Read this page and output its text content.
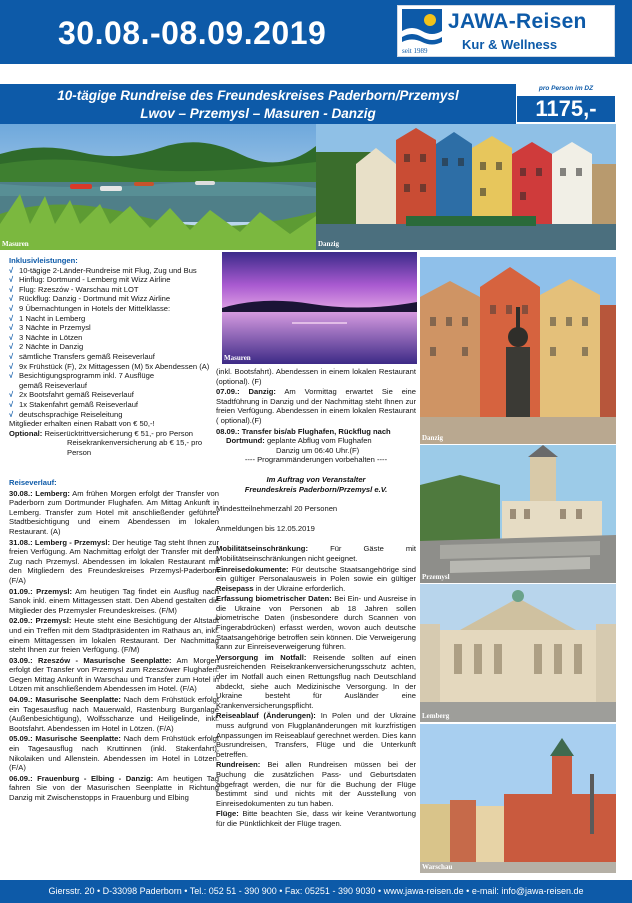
30.08.-08.09.2019	seit 1989
JAWA-Reisen
Kur & Wellness
10-tägige Rundreise des Freundeskreises Paderborn/Przemysl
Lwov – Przemysl – Masuren - Danzig
pro Person im DZ
1175,-
Masuren	Danzig
Masuren
Danzig
Przemysl
Lemberg
Warschau
Inklusivleistungen:
√ 10-tägige 2-Länder-Rundreise mit Flug, Zug und Bus
√ Hinflug: Dortmund - Lemberg mit Wizz Airline
√ Flug: Rzeszów - Warschau mit LOT
√ Rückflug: Danzig - Dortmund mit Wizz Airline
√ 9 Übernachtungen in Hotels der Mittelklasse:
√ 1 Nacht in Lemberg
√ 3 Nächte in Przemysl
√ 3 Nächte in Lötzen
√ 2 Nächte in Danzig
√ sämtliche Transfers gemäß Reiseverlauf
√ 9x Frühstück (F), 2x Mittagessen (M) 5x Abendessen (A)
√ Besichtigungsprogramm inkl. 7 Ausflüge
gemäß Reiseverlauf
√ 2x Bootsfahrt gemäß Reiseverlauf
√ 1x Stakenfahrt gemäß Reiseverlauf
√ deutschsprachige Reiseleitung
Mitglieder erhalten einen Rabatt von € 50,-!
Optional: Reiserücktrittversicherung € 51,- pro Person
Reisekrankenversicherung ab € 15,- pro Person
Reiseverlauf:
30.08.: Lemberg: Am frühen Morgen erfolgt der Transfer von Paderborn zum Dortmunder Flughafen. Am Mittag Ankunft in Lemberg. Transfer zum Hotel mit anschließender geführter Stadtbesichtigung und einem Abendessen im lokalen Restaurant. (A)
31.08.: Lemberg - Przemysl: Der heutige Tag steht Ihnen zur freien Verfügung. Am Nachmittag erfolgt der Transfer mit dem Zug nach Przemysl. Abendessen im lokalen Restaurant mit den Mitgliedern des Freundeskreises Przemysl-Paderborn (F/A)
01.09.: Przemysl: Am heutigen Tag findet ein Ausflug nach Sanok inkl. einem Mittagessen statt. Den Abend gestalten die Mitglieder des Przemysler Freundeskreises. (F/M)
02.09.: Przemysl: Heute steht eine Besichtigung der Altstadt und ein Treffen mit dem Stadtpräsidenten im Rathaus an, inkl. einem Mittagessen im lokalen Restaurant. Der Nachmittag steht Ihnen zur freien Verfügung. (F/M)
03.09.: Rzeszów - Masurische Seenplatte: Am Morgen erfolgt der Transfer von Przemysl zum Rzeszówer Flughafen. Gegen Mittag Ankunft in Warschau und Transfer zum Hotel in Lötzen mit anschließendem Abendessen im Hotel. (F/A)
04.09.: Masurische Seenplatte: Nach dem Frühstück erfolgt ein Tagesausflug nach Mauerwald, Rastenburg Burganlage (Außenbesichtigung), Wolfsschanze und Heiligelinde, inkl. Bootsfahrt. Abendessen im Hotel in Lötzen. (F/A)
05.09.: Masurische Seenplatte: Nach dem Frühstück erfolgt ein Tagesausflug nach Kruttinnen (inkl. Stakenfahrt), Nikolaiken und Allenstein. Abendessen im Hotel in Lötzen. (F/A)
06.09.: Frauenburg - Elbing - Danzig: Am heutigen Tag fahren Sie von der Masurischen Seenplatte in Richtung Danzig mit Zwischenstopps in Frauenburg und Elbing
(inkl. Bootsfahrt). Abendessen in einem lokalen Restaurant (optional). (F)
07.09.: Danzig: Am Vormittag erwartet Sie eine Stadtführung in Danzig und der Nachmittag steht Ihnen zur freien Verfügung. Abendessen in einem lokalen Restaurant ( optional).(F)
08.09.: Transfer bis/ab Flughafen, Rückflug nach
Dortmund: geplante Abflug vom Flughafen
Danzig um 06:40 Uhr.(F)
---- Programmänderungen vorbehalten ----
Im Auftrag von Veranstalter
Freundeskreis Paderborn/Przemysl e.V.
Mindestteilnehmerzahl 20 Personen
Anmeldungen bis 12.05.2019
Mobilitätseinschränkung:	Für Gäste mit Mobilitätseinschränkungen nicht geeignet.
Einreisedokumente: Für deutsche Staatsangehörige sind ein gültiger Personalausweis in Polen sowie ein gültiger Reisepass in der Ukraine erforderlich.
Erfassung biometrischer Daten: Bei Ein- und Ausreise in die Ukraine von Personen ab 18 Jahren sollen biometrische Daten (insbesondere durch Scannen von Fingerabdrücken) erfasst werden, wovon auch deutsche Staatsangehörige betroffen sein können. Die Verweigerung kann zur Einreiseverweigerung führen.
Versorgung im Notfall: Reisende sollten auf einen ausreichenden Reisekrankenversicherungsschutz achten, der im Notfall auch einen Rettungsflug nach Deutschland abdeckt, siehe auch Medizinische Versorgung. In der Ukraine besteht für Ausländer eine Krankenversicherungspflicht.
Reiseablauf (Änderungen): In Polen und der Ukraine muss aufgrund von Flugplanänderungen mit kurzfristigen Anpassungen im Reiseablauf gerechnet werden. Dies kann Busrundreisen, Transfers, Flüge und die Unterkunft betreffen.
Rundreisen: Bei allen Rundreisen müssen bei der Buchung die zusätzlichen Pass- und Geburtsdaten abgefragt werden, die nur für die Buchung der Flüge bestimmt sind und nichts mit der Ausstellung von Einreisedokumenten zu tun haben.
Flüge: Bitte beachten Sie, dass wir keine Verantwortung für die Pünktlichkeit der Flüge tragen.
Giersstr. 20 • D-33098 Paderborn • Tel.: 052 51 - 390 900 • Fax: 05251 - 390 9030 • www.jawa-reisen.de • e-mail: info@jawa-reisen.de
